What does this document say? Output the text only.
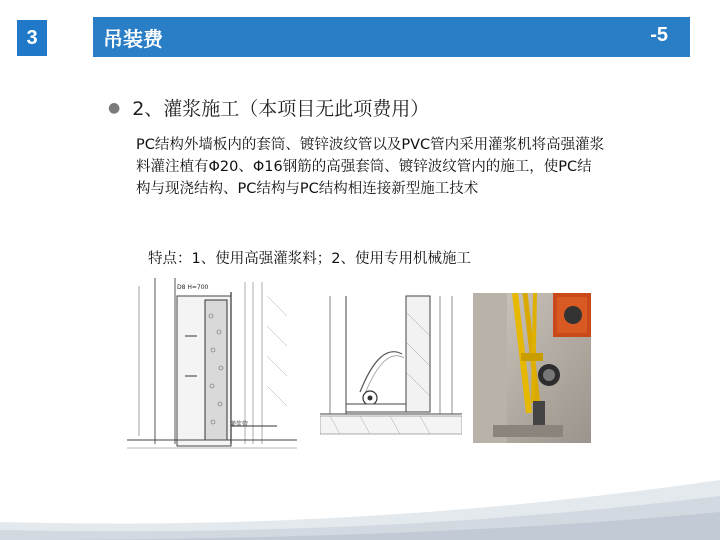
3	吊装费	-5
● 2、灌浆施工（本项目无此项费用）
PC结构外墙板内的套筒、镀锌波纹管以及PVC管内采用灌浆机将高强灌浆料灌注植有Φ20、Φ16钢筋的高强套筒、镀锌波纹管内的施工，使PC结构与现浇结构、PC结构与PC结构相连接新型施工技术
特点：1、使用高强灌浆料；2、使用专用机械施工
D8 H=700
灌浆管
